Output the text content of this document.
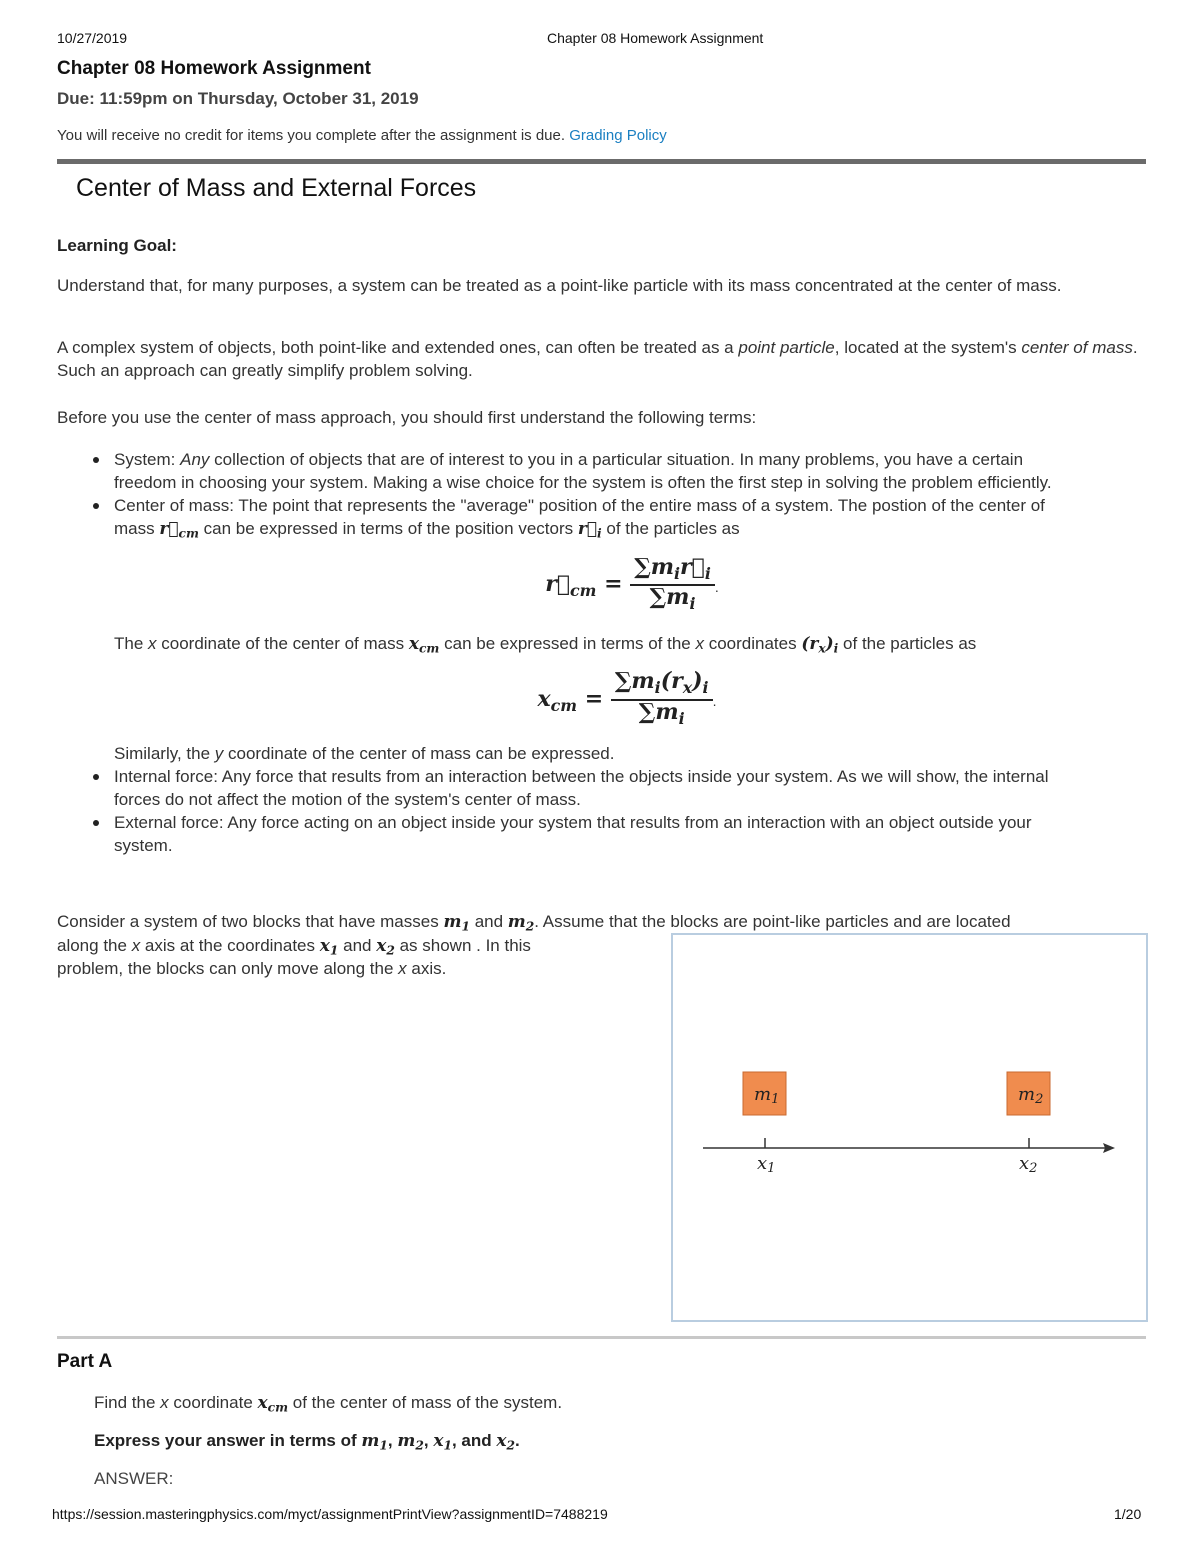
10/27/2019	Chapter 08 Homework Assignment
Chapter 08 Homework Assignment
Due: 11:59pm on Thursday, October 31, 2019
You will receive no credit for items you complete after the assignment is due. Grading Policy
Center of Mass and External Forces
Learning Goal:
Understand that, for many purposes, a system can be treated as a point-like particle with its mass concentrated at the center of mass.
A complex system of objects, both point-like and extended ones, can often be treated as a point particle, located at the system's center of mass. Such an approach can greatly simplify problem solving.
Before you use the center of mass approach, you should first understand the following terms:
System: Any collection of objects that are of interest to you in a particular situation. In many problems, you have a certain freedom in choosing your system. Making a wise choice for the system is often the first step in solving the problem efficiently.
Center of mass: The point that represents the "average" position of the entire mass of a system. The postion of the center of mass $r⃗_{cm}$ can be expressed in terms of the position vectors $r⃗_i$ of the particles as
$r⃗_{cm} = \frac{\sum m_ir⃗_i}{\sum m_i}$ .
The x coordinate of the center of mass $x_{cm}$ can be expressed in terms of the x coordinates $(r_x)_i$ of the particles as
$x_{cm} = \frac{\sum m_i(r_x)_i}{\sum m_i}$ .
Similarly, the y coordinate of the center of mass can be expressed.
Internal force: Any force that results from an interaction between the objects inside your system. As we will show, the internal forces do not affect the motion of the system's center of mass.
External force: Any force acting on an object inside your system that results from an interaction with an object outside your system.
Consider a system of two blocks that have masses $m_1$ and $m_2$. Assume that the blocks are point-like particles and are located
along the x axis at the coordinates $x_1$ and $x_2$ as shown . In this
problem, the blocks can only move along the x axis.
m1	m2
x1	x2
Part A
Find the x coordinate $x_{cm}$ of the center of mass of the system.
Express your answer in terms of $m_1$, $m_2$, $x_1$, and $x_2$.
ANSWER:
https://session.masteringphysics.com/myct/assignmentPrintView?assignmentID=7488219	1/20
